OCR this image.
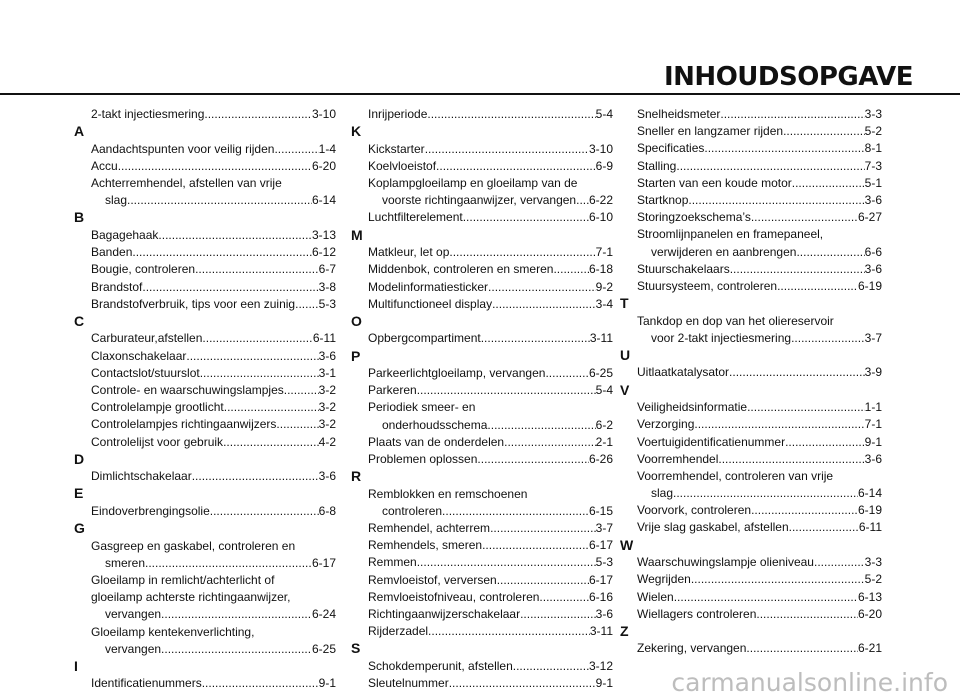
INHOUDSOPGAVE
2-takt injectiesmering .....	3-10
A
Aandachtspunten voor veilig rijden .....	1-4
Accu .....	6-20
Achterremhendel, afstellen van vrije
slag .....	6-14
B
Bagagehaak .....	3-13
Banden .....	6-12
Bougie, controleren .....	6-7
Brandstof .....	3-8
Brandstofverbruik, tips voor een zuinig ..... 5-3
C
Carburateur,afstellen .....	6-11
Claxonschakelaar .....	3-6
Contactslot/stuurslot .....	3-1
Controle- en waarschuwingslampjes .....	3-2
Controlelampje grootlicht .....	3-2
Controlelampjes richtingaanwijzers .....	3-2
Controlelijst voor gebruik .....	4-2
D
Dimlichtschakelaar .....	3-6
E
Eindoverbrengingsolie .....	6-8
G
Gasgreep en gaskabel, controleren en
smeren .....	6-17
Gloeilamp in remlicht/achterlicht of
gloeilamp achterste richtingaanwijzer,
vervangen .....	6-24
Gloeilamp kentekenverlichting,
vervangen .....	6-25
I
Identificatienummers .....	9-1
Inrijperiode .....	5-4
K
Kickstarter .....	3-10
Koelvloeistof .....	6-9
Koplampgloeilamp en gloeilamp van de
voorste richtingaanwijzer, vervangen ..... 6-22
Luchtfilterelement .....	6-10
M
Matkleur, let op .....	7-1
Middenbok, controleren en smeren .....	6-18
Modelinformatiesticker .....	9-2
Multifunctioneel display .....	3-4
O
Opbergcompartiment .....	3-11
P
Parkeerlichtgloeilamp, vervangen .....	6-25
Parkeren .....	5-4
Periodiek smeer- en
onderhoudsschema .....	6-2
Plaats van de onderdelen .....	2-1
Problemen oplossen .....	6-26
R
Remblokken en remschoenen
controleren .....	6-15
Remhendel, achterrem .....	3-7
Remhendels, smeren .....	6-17
Remmen .....	5-3
Remvloeistof, verversen .....	6-17
Remvloeistofniveau, controleren .....	6-16
Richtingaanwijzerschakelaar .....	3-6
Rijderzadel .....	3-11
S
Schokdemperunit, afstellen .....	3-12
Sleutelnummer .....	9-1
Snelheidsmeter .....	3-3
Sneller en langzamer rijden .....	5-2
Specificaties .....	8-1
Stalling .....	7-3
Starten van een koude motor .....	5-1
Startknop .....	3-6
Storingzoekschema’s .....	6-27
Stroomlijnpanelen en framepaneel,
verwijderen en aanbrengen .....	6-6
Stuurschakelaars .....	3-6
Stuursysteem, controleren .....	6-19
T
Tankdop en dop van het oliereservoir
voor 2-takt injectiesmering .....	3-7
U
Uitlaatkatalysator .....	3-9
V
Veiligheidsinformatie .....	1-1
Verzorging .....	7-1
Voertuigidentificatienummer .....	9-1
Voorremhendel .....	3-6
Voorremhendel, controleren van vrije
slag .....	6-14
Voorvork, controleren .....	6-19
Vrije slag gaskabel, afstellen .....	6-11
W
Waarschuwingslampje olieniveau .....	3-3
Wegrijden .....	5-2
Wielen .....	6-13
Wiellagers controleren .....	6-20
Z
Zekering, vervangen .....	6-21
carmanualsonline.info
